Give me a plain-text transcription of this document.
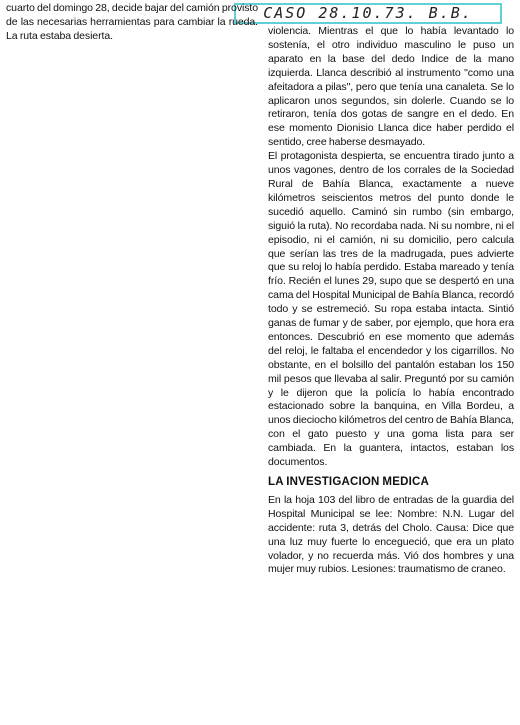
CASO 28.10.73. B.B.

cuarto del domingo 28, decide bajar del camión provisto de las necesarias herramientas para cambiar la rueda. La ruta estaba desierta.	violencia. Mientras el que lo había levantado lo sostenía, el otro individuo masculino le puso un aparato en la base del dedo Indice de la mano izquierda. Llanca describió al instrumento "como una afeitadora a pilas", pero que tenía una canaleta. Se lo aplicaron unos segundos, sin dolerle. Cuando se lo retiraron, tenía dos gotas de sangre en el dedo. En ese momento Dionisio Llanca dice haber perdido el sentido, cree haberse desmayado.

El protagonista despierta, se encuentra tirado junto a unos vagones, dentro de los corrales de la Sociedad Rural de Bahía Blanca, exactamente a nueve kilómetros seiscientos metros del punto donde le sucedió aquello. Caminó sin rumbo (sin embargo, siguió la ruta). No recordaba nada. Ni su nombre, ni el episodio, ni el camión, ni su domicilio, pero calcula que serían las tres de la madrugada, pues advierte que su reloj lo había perdido. Estaba mareado y tenía frío. Recién el lunes 29, supo que se despertó en una cama del Hospital Municipal de Bahía Blanca, recordó todo y se estremeció. Su ropa estaba intacta. Sintió ganas de fumar y de saber, por ejemplo, que hora era entonces. Descubrió en ese momento que además del reloj, le faltaba el encendedor y los cigarrillos. No obstante, en el bolsillo del pantalón estaban los 150 mil pesos que llevaba al salir. Preguntó por su camión y le dijeron que la policía lo había encontrado estacionado sobre la banquina, en Villa Bordeu, a unos dieciocho kilómetros del centro de Bahía Blanca, con el gato puesto y una goma lista para ser cambiada. En la guantera, intactos, estaban los documentos.

LA INVESTIGACION MEDICA

En la hoja 103 del libro de entradas de la guardia del Hospital Municipal se lee: Nombre: N.N. Lugar del accidente: ruta 3, detrás del Cholo. Causa: Dice que una luz muy fuerte lo encegueció, que era un plato volador, y no recuerda más. Vió dos hombres y una mujer muy rubios. Lesiones: traumatismo de craneo.
